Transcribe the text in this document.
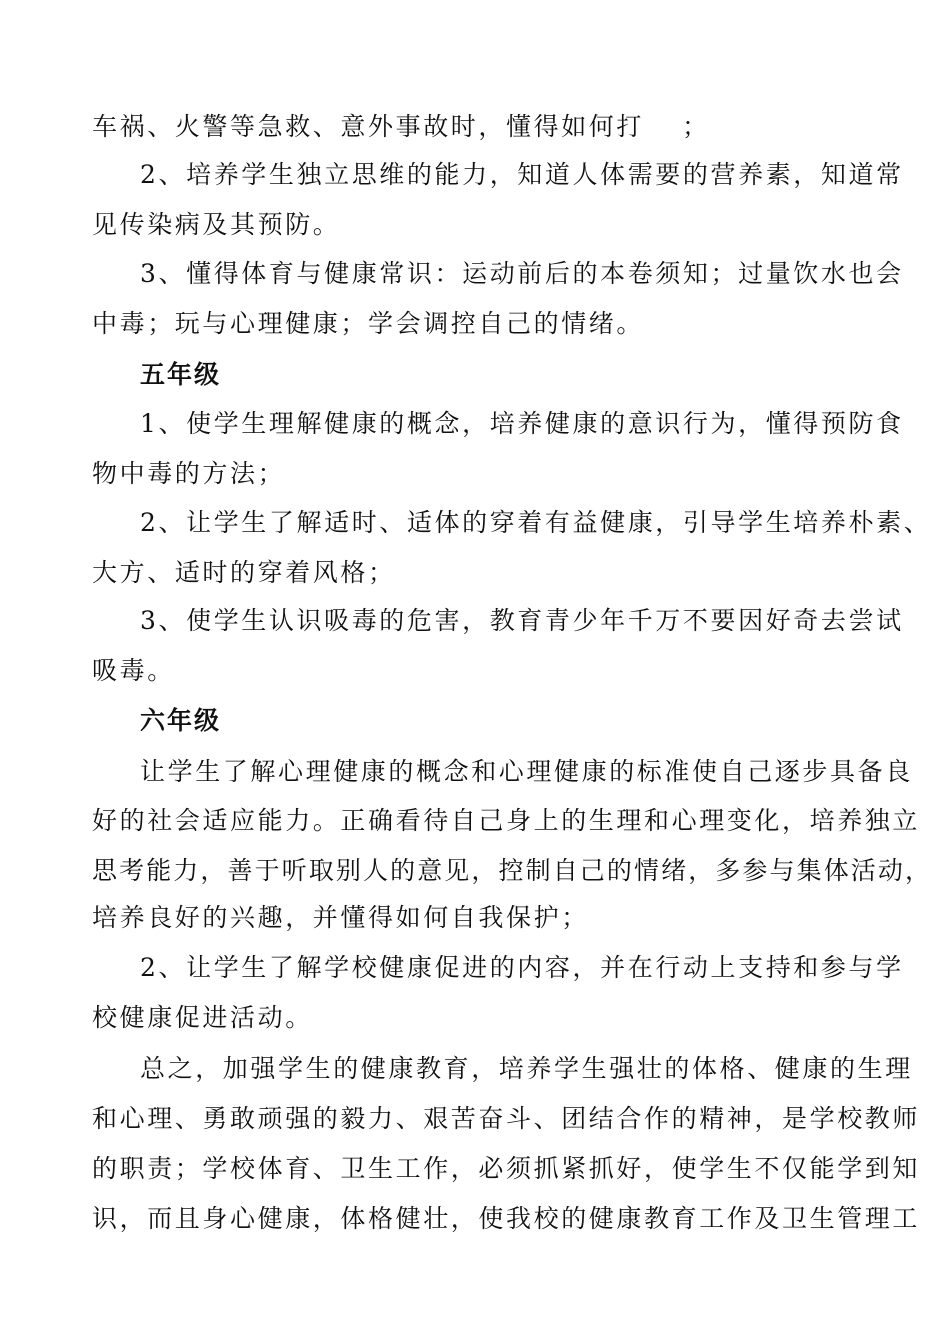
车祸、火警等急救、意外事故时，懂得如何打　 ；
2、培养学生独立思维的能力，知道人体需要的营养素，知道常
见传染病及其预防。
3、懂得体育与健康常识：运动前后的本卷须知；过量饮水也会
中毒；玩与心理健康；学会调控自己的情绪。
五年级
1、使学生理解健康的概念，培养健康的意识行为，懂得预防食
物中毒的方法；
2、让学生了解适时、适体的穿着有益健康，引导学生培养朴素、
大方、适时的穿着风格；
3、使学生认识吸毒的危害，教育青少年千万不要因好奇去尝试
吸毒。
六年级
让学生了解心理健康的概念和心理健康的标准使自己逐步具备良
好的社会适应能力。正确看待自己身上的生理和心理变化，培养独立
思考能力，善于听取别人的意见，控制自己的情绪，多参与集体活动，
培养良好的兴趣，并懂得如何自我保护；
2、让学生了解学校健康促进的内容，并在行动上支持和参与学
校健康促进活动。
总之，加强学生的健康教育，培养学生强壮的体格、健康的生理
和心理、勇敢顽强的毅力、艰苦奋斗、团结合作的精神，是学校教师
的职责；学校体育、卫生工作，必须抓紧抓好，使学生不仅能学到知
识，而且身心健康，体格健壮，使我校的健康教育工作及卫生管理工
